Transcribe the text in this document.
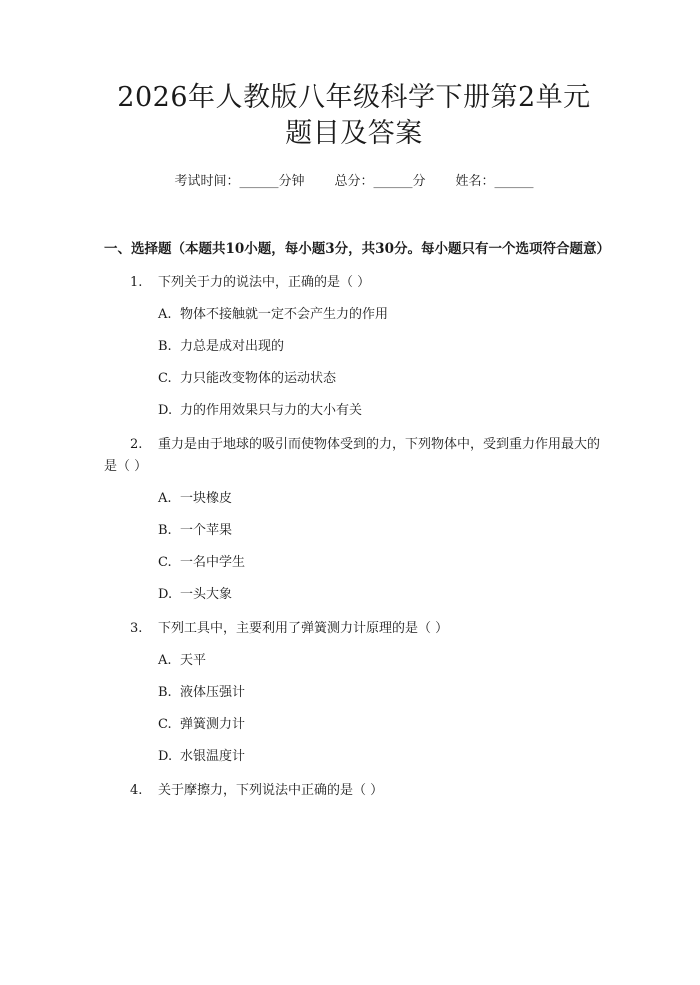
2026年人教版八年级科学下册第2单元题目及答案
考试时间：______分钟 总分：______分 姓名：______
一、选择题（本题共10小题，每小题3分，共30分。每小题只有一个选项符合题意）
1. 下列关于力的说法中，正确的是（ ）
A. 物体不接触就一定不会产生力的作用
B. 力总是成对出现的
C. 力只能改变物体的运动状态
D. 力的作用效果只与力的大小有关
2. 重力是由于地球的吸引而使物体受到的力，下列物体中，受到重力作用最大的是（ ）
A. 一块橡皮
B. 一个苹果
C. 一名中学生
D. 一头大象
3. 下列工具中，主要利用了弹簧测力计原理的是（ ）
A. 天平
B. 液体压强计
C. 弹簧测力计
D. 水银温度计
4. 关于摩擦力，下列说法中正确的是（ ）
